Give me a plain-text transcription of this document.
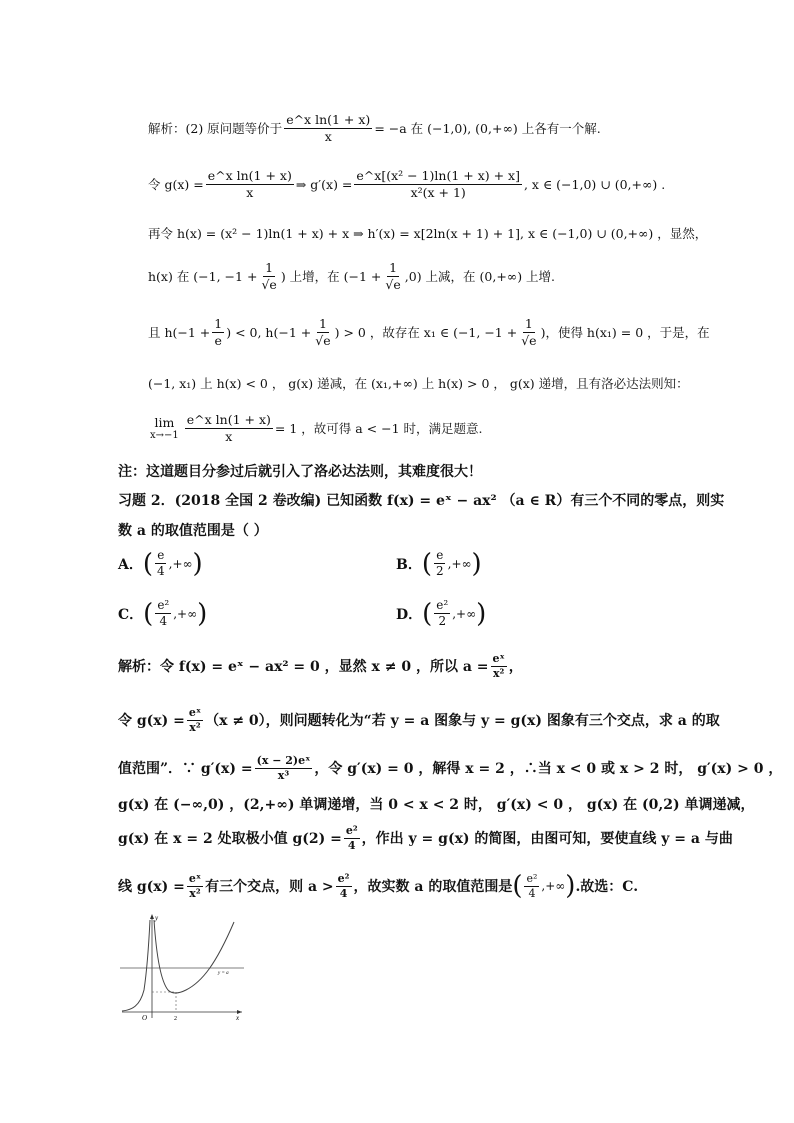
解析：(2) 原问题等价于 $\frac{\text{e\textasciicircum{}x ln(1 + x)}}{x} = -a$ 在 (−1,0), (0,+∞) 上各有一个解.
令 $g(x) = \frac{\text{e\textasciicircum{}x ln(1 + x)}}{x}$ ⇒ $g'(x) = \frac{\text{e\textasciicircum{}x[(x² − 1)ln(1 + x) + x]}}{\text{x²(x + 1)}}$ , x ∈ (−1,0) ∪ (0,+∞) .
再令 h(x) = (x² − 1)ln(1 + x) + x ⇒ h′(x) = x[2ln(x + 1) + 1], x ∈ (−1,0) ∪ (0,+∞) ，显然，
h(x) 在 (−1, $-1 + \frac{1}{√e}$ ) 上增，在 $(-1 + \frac{1}{√e} ,0)$ 上减，在 (0,+∞) 上增.
且 $h(-1 + \frac{1}{e}$ ) < 0, $h(-1 + \frac{1}{√e}$ ) > 0 ，故存在 x₁ ∈ (−1, $-1 + \frac{1}{√e}$ )，使得 h(x₁) = 0 ，于是，在
(−1, x₁) 上 h(x) < 0 ， g(x) 递减，在 (x₁,+∞) 上 h(x) > 0 ， g(x) 递增，且有洛必达法则知：
lim
$x\to-1 \frac{\text{e\textasciicircum{}x ln(1 + x)}}{x} = 1$ ，故可得 a < −1 时，满足题意.
注：这道题目分参过后就引入了洛必达法则，其难度很大！
习题 2．(2018 全国 2 卷改编) 已知函数 f(x) = eˣ − ax² （a ∈ R）有三个不同的零点，则实
数 a 的取值范围是（ ）
A． ( $\frac{e}{4}$ ,+∞ )	B． ( $\frac{e}{2}$ ,+∞ )
C． ( $\frac{\text{e²}}{4}$ ,+∞ )	D． ( $\frac{\text{e²}}{2}$ ,+∞ )
解析：令 f(x) = eˣ − ax² = 0 ，显然 x ≠ 0 ，所以 $a = \frac{\text{eˣ}}{\text{x²}}$ ，
令 $g(x) = \frac{\text{eˣ}}{\text{x²}} (x \ne 0)$，则问题转化为“若 y = a 图象与 y = g(x) 图象有三个交点，求 a 的取
值范围”．∵ $g'(x) = \frac{\text{(x − 2)eˣ}}{\text{x³}}$ ，令 g′(x) = 0 ，解得 x = 2 ，∴当 x < 0 或 x > 2 时， g′(x) > 0 ，
g(x) 在 (−∞,0) ，(2,+∞) 单调递增，当 0 < x < 2 时， g′(x) < 0 ， g(x) 在 (0,2) 单调递减，
g(x) 在 x = 2 处取极小值 $g(2) = \frac{\text{e²}}{4}$ ，作出 y = g(x) 的简图，由图可知，要使直线 y = a 与曲
线 $g(x) = \frac{\text{eˣ}}{\text{x²}}$ 有三个交点，则 $a > \frac{\text{e²}}{4}$ ，故实数 a 的取值范围是 ( $\frac{\text{e²}}{4}$ ,+∞ ) .故选：C.
y
x
O	2
y = a
